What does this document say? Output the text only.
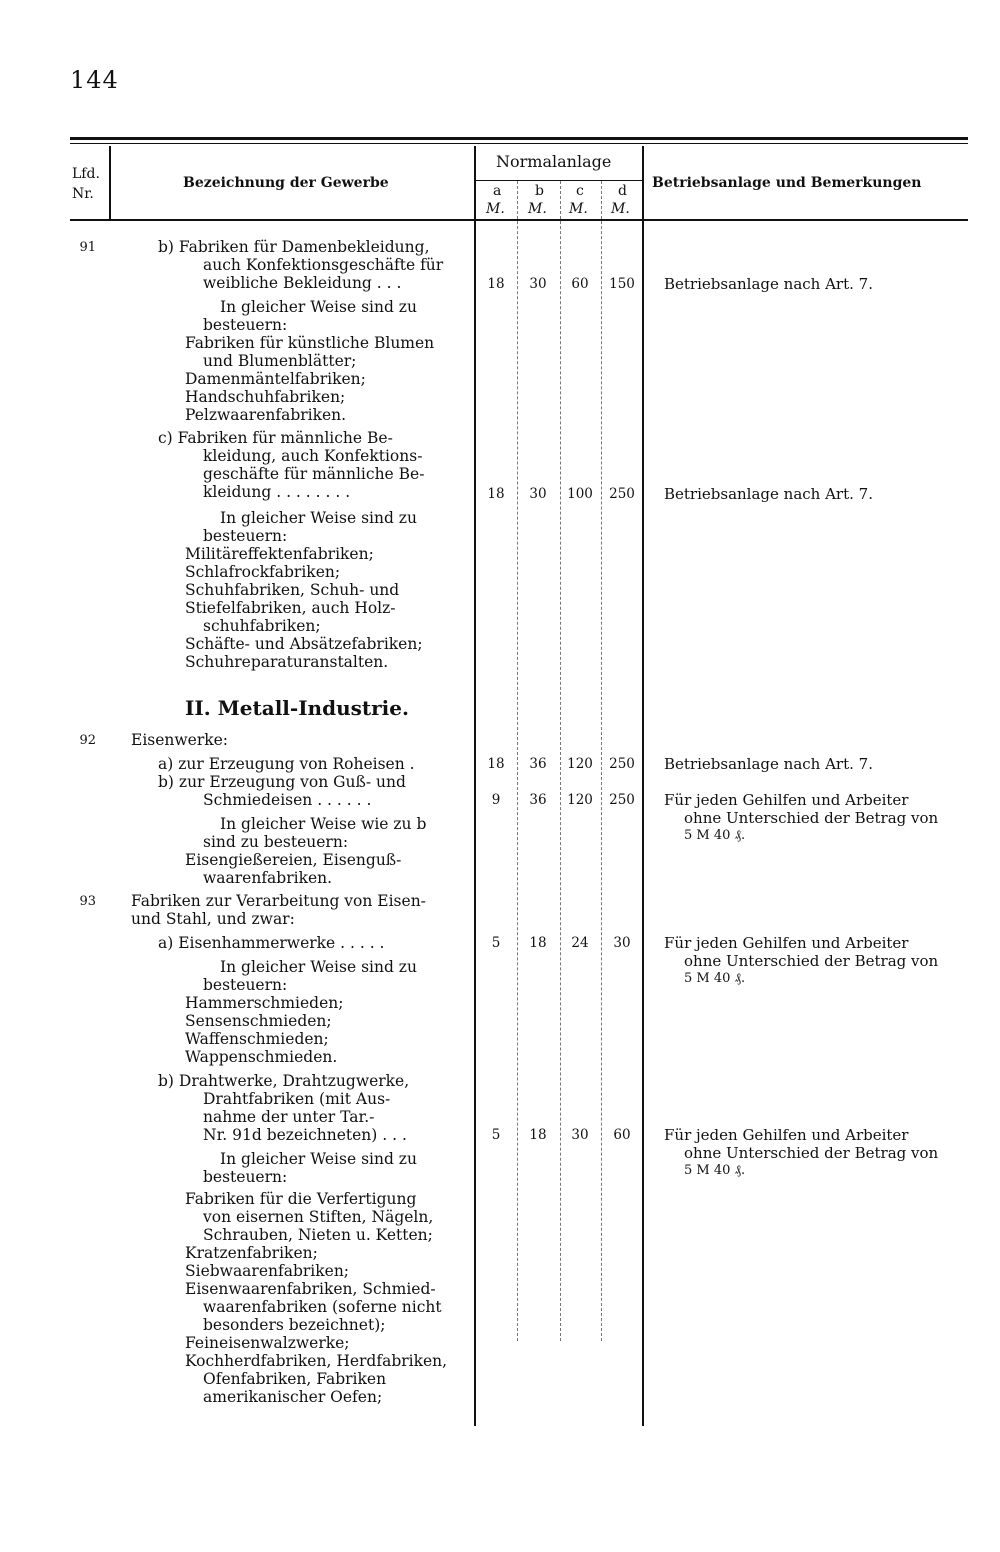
144
Lfd.
Nr.
Bezeichnung der Gewerbe
Normalanlage
a b c d
M. M. M. M.
Betriebsanlage und Bemerkungen
91	b) Fabriken für Damenbekleidung,
auch Konfektionsgeschäfte für
weibliche Bekleidung . . .	18	30	60	150	Betriebsanlage nach Art. 7.
In gleicher Weise sind zu
besteuern:
Fabriken für künstliche Blumen
und Blumenblätter;
Damenmäntelfabriken;
Handschuhfabriken;
Pelzwaarenfabriken.
c) Fabriken für männliche Be-
kleidung, auch Konfektions-
geschäfte für männliche Be-
kleidung . . . . . . . .	18	30	100	250	Betriebsanlage nach Art. 7.
In gleicher Weise sind zu
besteuern:
Militäreffektenfabriken;
Schlafrockfabriken;
Schuhfabriken, Schuh- und
Stiefelfabriken, auch Holz-
schuhfabriken;
Schäfte- und Absätzefabriken;
Schuhreparaturanstalten.
II. Metall-Industrie.
92 Eisenwerke:
a) zur Erzeugung von Roheisen .	18	36	120	250	Betriebsanlage nach Art. 7.
b) zur Erzeugung von Guß- und
Schmiedeisen . . . . . .	9	36	120	250	Für jeden Gehilfen und Arbeiter
ohne Unterschied der Betrag von
5 M 40 ₰.
In gleicher Weise wie zu b
sind zu besteuern:
Eisengießereien, Eisenguß-
waarenfabriken.
93 Fabriken zur Verarbeitung von Eisen-
und Stahl, und zwar:
a) Eisenhammerwerke . . . . .	5	18	24	30	Für jeden Gehilfen und Arbeiter
ohne Unterschied der Betrag von
5 M 40 ₰.
In gleicher Weise sind zu
besteuern:
Hammerschmieden;
Sensenschmieden;
Waffenschmieden;
Wappenschmieden.
b) Drahtwerke, Drahtzugwerke,
Drahtfabriken (mit Aus-
nahme der unter Tar.-
Nr. 91d bezeichneten) . . .	5	18	30	60	Für jeden Gehilfen und Arbeiter
ohne Unterschied der Betrag von
5 M 40 ₰.
In gleicher Weise sind zu
besteuern:
Fabriken für die Verfertigung
von eisernen Stiften, Nägeln,
Schrauben, Nieten u. Ketten;
Kratzenfabriken;
Siebwaarenfabriken;
Eisenwaarenfabriken, Schmied-
waarenfabriken (soferne nicht
besonders bezeichnet);
Feineisenwalzwerke;
Kochherdfabriken, Herdfabriken,
Ofenfabriken, Fabriken
amerikanischer Oefen;
